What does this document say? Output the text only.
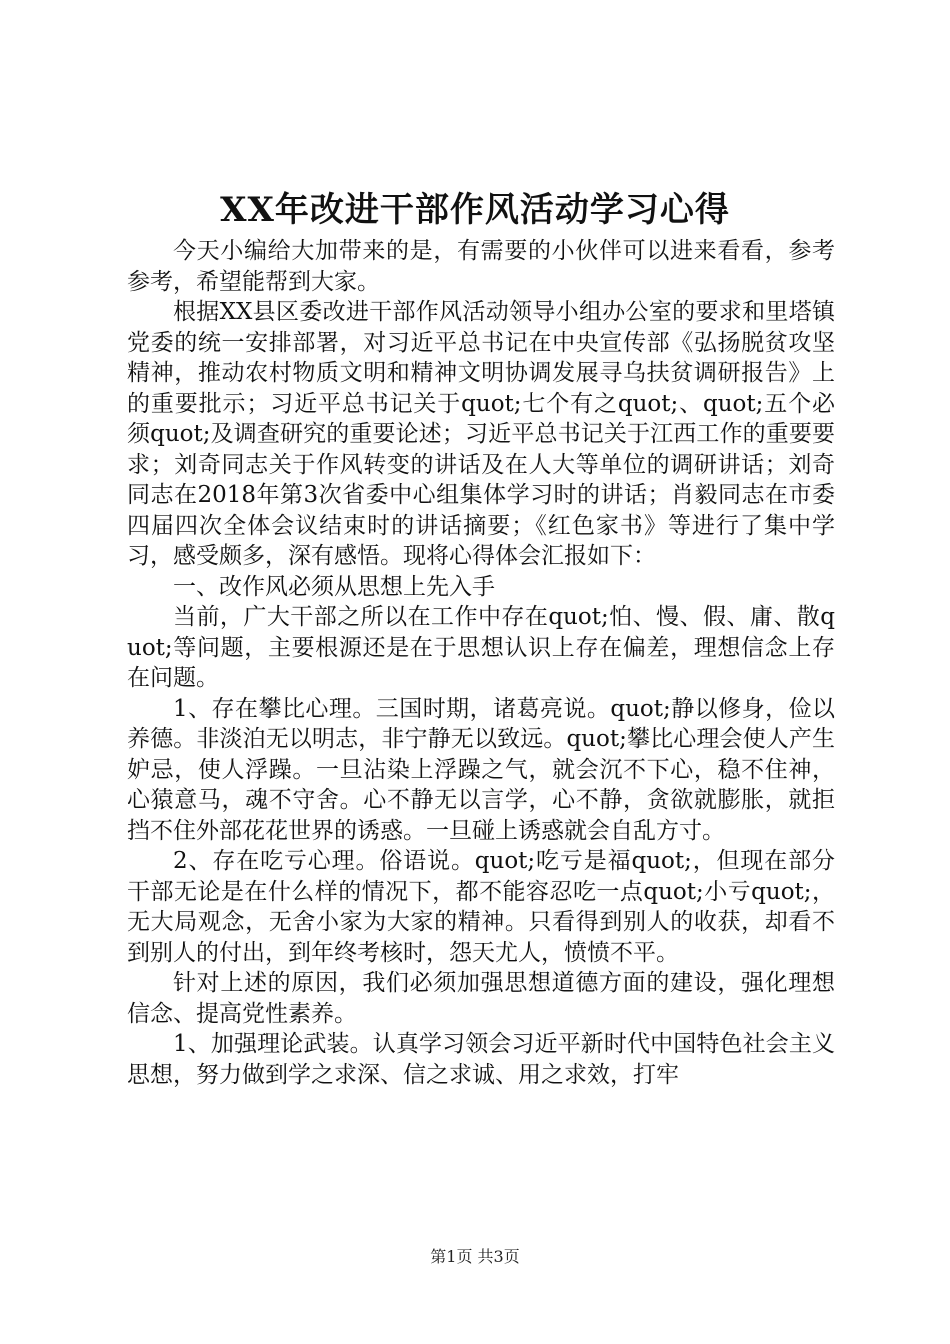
XX年改进干部作风活动学习心得

今天小编给大加带来的是，有需要的小伙伴可以进来看看，参考参考，希望能帮到大家。

根据XX县区委改进干部作风活动领导小组办公室的要求和里塔镇党委的统一安排部署，对习近平总书记在中央宣传部《弘扬脱贫攻坚精神，推动农村物质文明和精神文明协调发展寻乌扶贫调研报告》上的重要批示；习近平总书记关于quot;七个有之quot;、quot;五个必须quot;及调查研究的重要论述；习近平总书记关于江西工作的重要要求；刘奇同志关于作风转变的讲话及在人大等单位的调研讲话；刘奇同志在2018年第3次省委中心组集体学习时的讲话；肖毅同志在市委四届四次全体会议结束时的讲话摘要；《红色家书》等进行了集中学习，感受颇多，深有感悟。现将心得体会汇报如下：

一、改作风必须从思想上先入手

当前，广大干部之所以在工作中存在quot;怕、慢、假、庸、散quot;等问题，主要根源还是在于思想认识上存在偏差，理想信念上存在问题。

1、存在攀比心理。三国时期，诸葛亮说。quot;静以修身，俭以养德。非淡泊无以明志，非宁静无以致远。quot;攀比心理会使人产生妒忌，使人浮躁。一旦沾染上浮躁之气，就会沉不下心，稳不住神，心猿意马，魂不守舍。心不静无以言学，心不静，贪欲就膨胀，就拒挡不住外部花花世界的诱惑。一旦碰上诱惑就会自乱方寸。

2、存在吃亏心理。俗语说。quot;吃亏是福quot;，但现在部分干部无论是在什么样的情况下，都不能容忍吃一点quot;小亏quot;，无大局观念，无舍小家为大家的精神。只看得到别人的收获，却看不到别人的付出，到年终考核时，怨天尤人，愤愤不平。

针对上述的原因，我们必须加强思想道德方面的建设，强化理想信念、提高党性素养。

1、加强理论武装。认真学习领会习近平新时代中国特色社会主义思想，努力做到学之求深、信之求诚、用之求效，打牢

第1页 共3页
